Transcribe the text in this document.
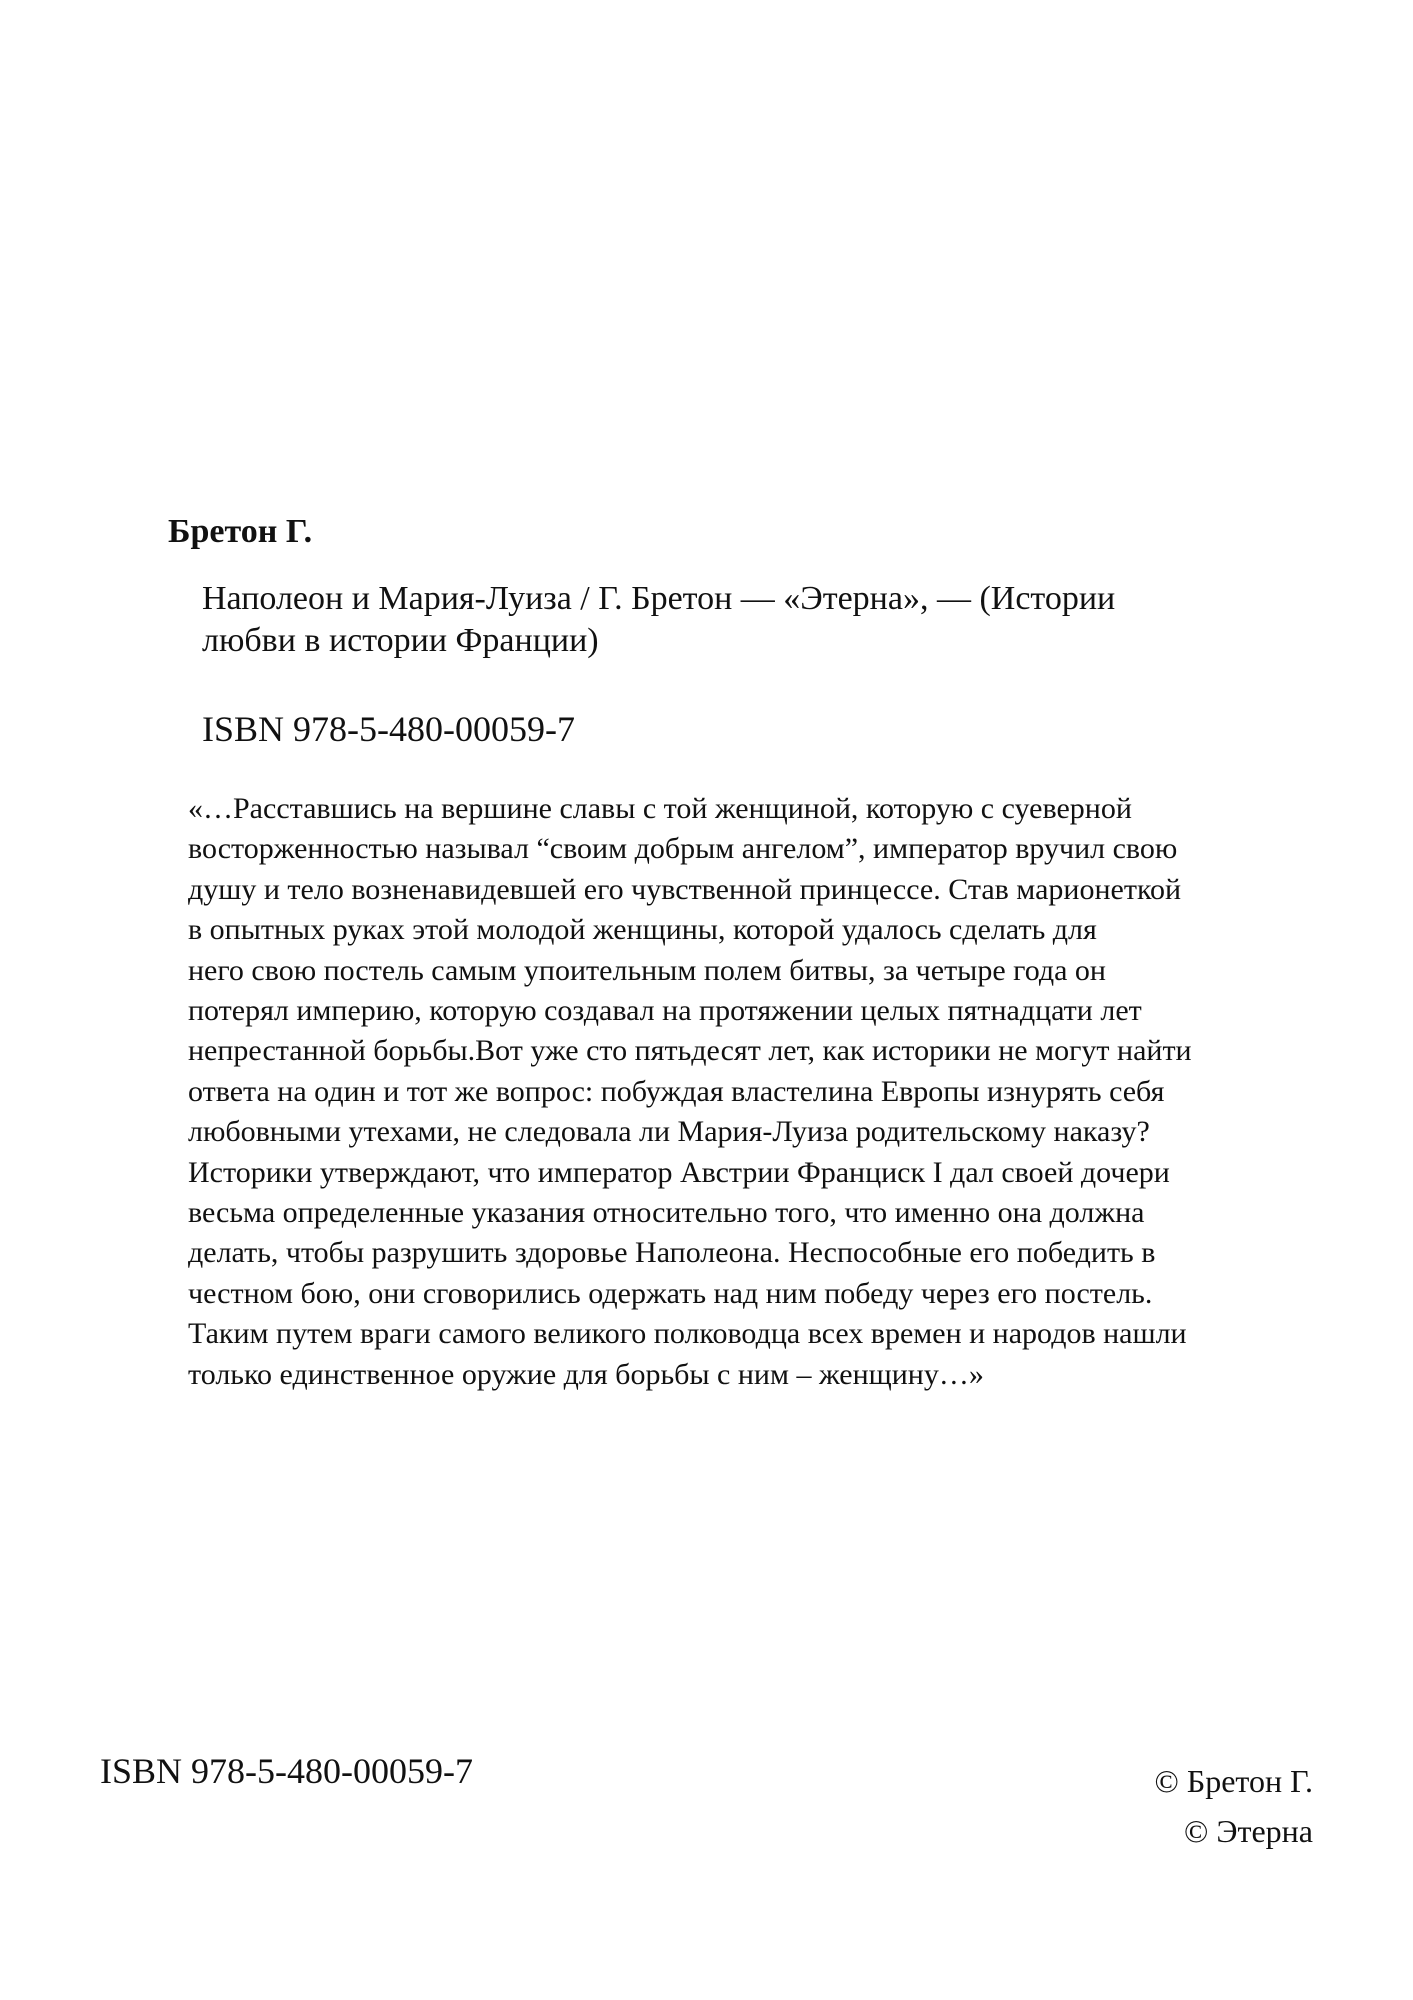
Бретон Г.
Наполеон и Мария-Луиза / Г. Бретон — «Этерна», — (Истории
любви в истории Франции)
ISBN 978-5-480-00059-7
«…Расставшись на вершине славы с той женщиной, которую с суеверной
восторженностью называл “своим добрым ангелом”, император вручил свою
душу и тело возненавидевшей его чувственной принцессе. Став марионеткой
в опытных руках этой молодой женщины, которой удалось сделать для
него свою постель самым упоительным полем битвы, за четыре года он
потерял империю, которую создавал на протяжении целых пятнадцати лет
непрестанной борьбы.Вот уже сто пятьдесят лет, как историки не могут найти
ответа на один и тот же вопрос: побуждая властелина Европы изнурять себя
любовными утехами, не следовала ли Мария-Луиза родительскому наказу?
Историки утверждают, что император Австрии Франциск I дал своей дочери
весьма определенные указания относительно того, что именно она должна
делать, чтобы разрушить здоровье Наполеона. Неспособные его победить в
честном бою, они сговорились одержать над ним победу через его постель.
Таким путем враги самого великого полководца всех времен и народов нашли
только единственное оружие для борьбы с ним – женщину…»
ISBN 978-5-480-00059-7	© Бретон Г.
© Этерна
